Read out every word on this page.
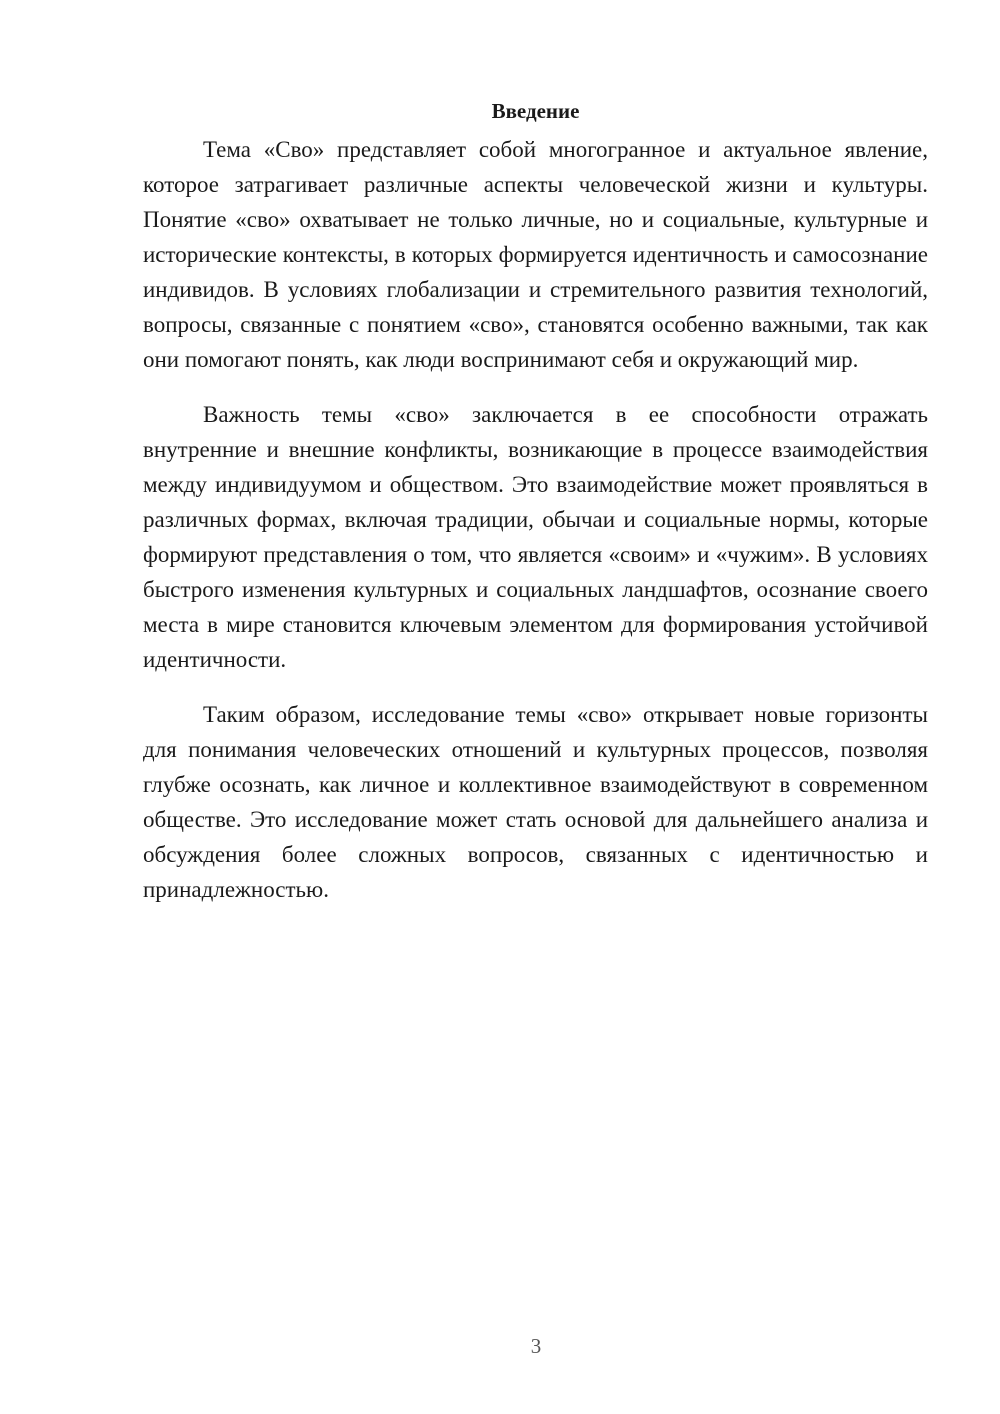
Введение

Тема «Сво» представляет собой многогранное и актуальное явление, которое затрагивает различные аспекты человеческой жизни и культуры. Понятие «сво» охватывает не только личные, но и социальные, культурные и исторические контексты, в которых формируется идентичность и самосознание индивидов. В условиях глобализации и стремительного развития технологий, вопросы, связанные с понятием «сво», становятся особенно важными, так как они помогают понять, как люди воспринимают себя и окружающий мир.

Важность темы «сво» заключается в ее способности отражать внутренние и внешние конфликты, возникающие в процессе взаимодействия между индивидуумом и обществом. Это взаимодействие может проявляться в различных формах, включая традиции, обычаи и социальные нормы, которые формируют представления о том, что является «своим» и «чужим». В условиях быстрого изменения культурных и социальных ландшафтов, осознание своего места в мире становится ключевым элементом для формирования устойчивой идентичности.

Таким образом, исследование темы «сво» открывает новые горизонты для понимания человеческих отношений и культурных процессов, позволяя глубже осознать, как личное и коллективное взаимодействуют в современном обществе. Это исследование может стать основой для дальнейшего анализа и обсуждения более сложных вопросов, связанных с идентичностью и принадлежностью.

3
